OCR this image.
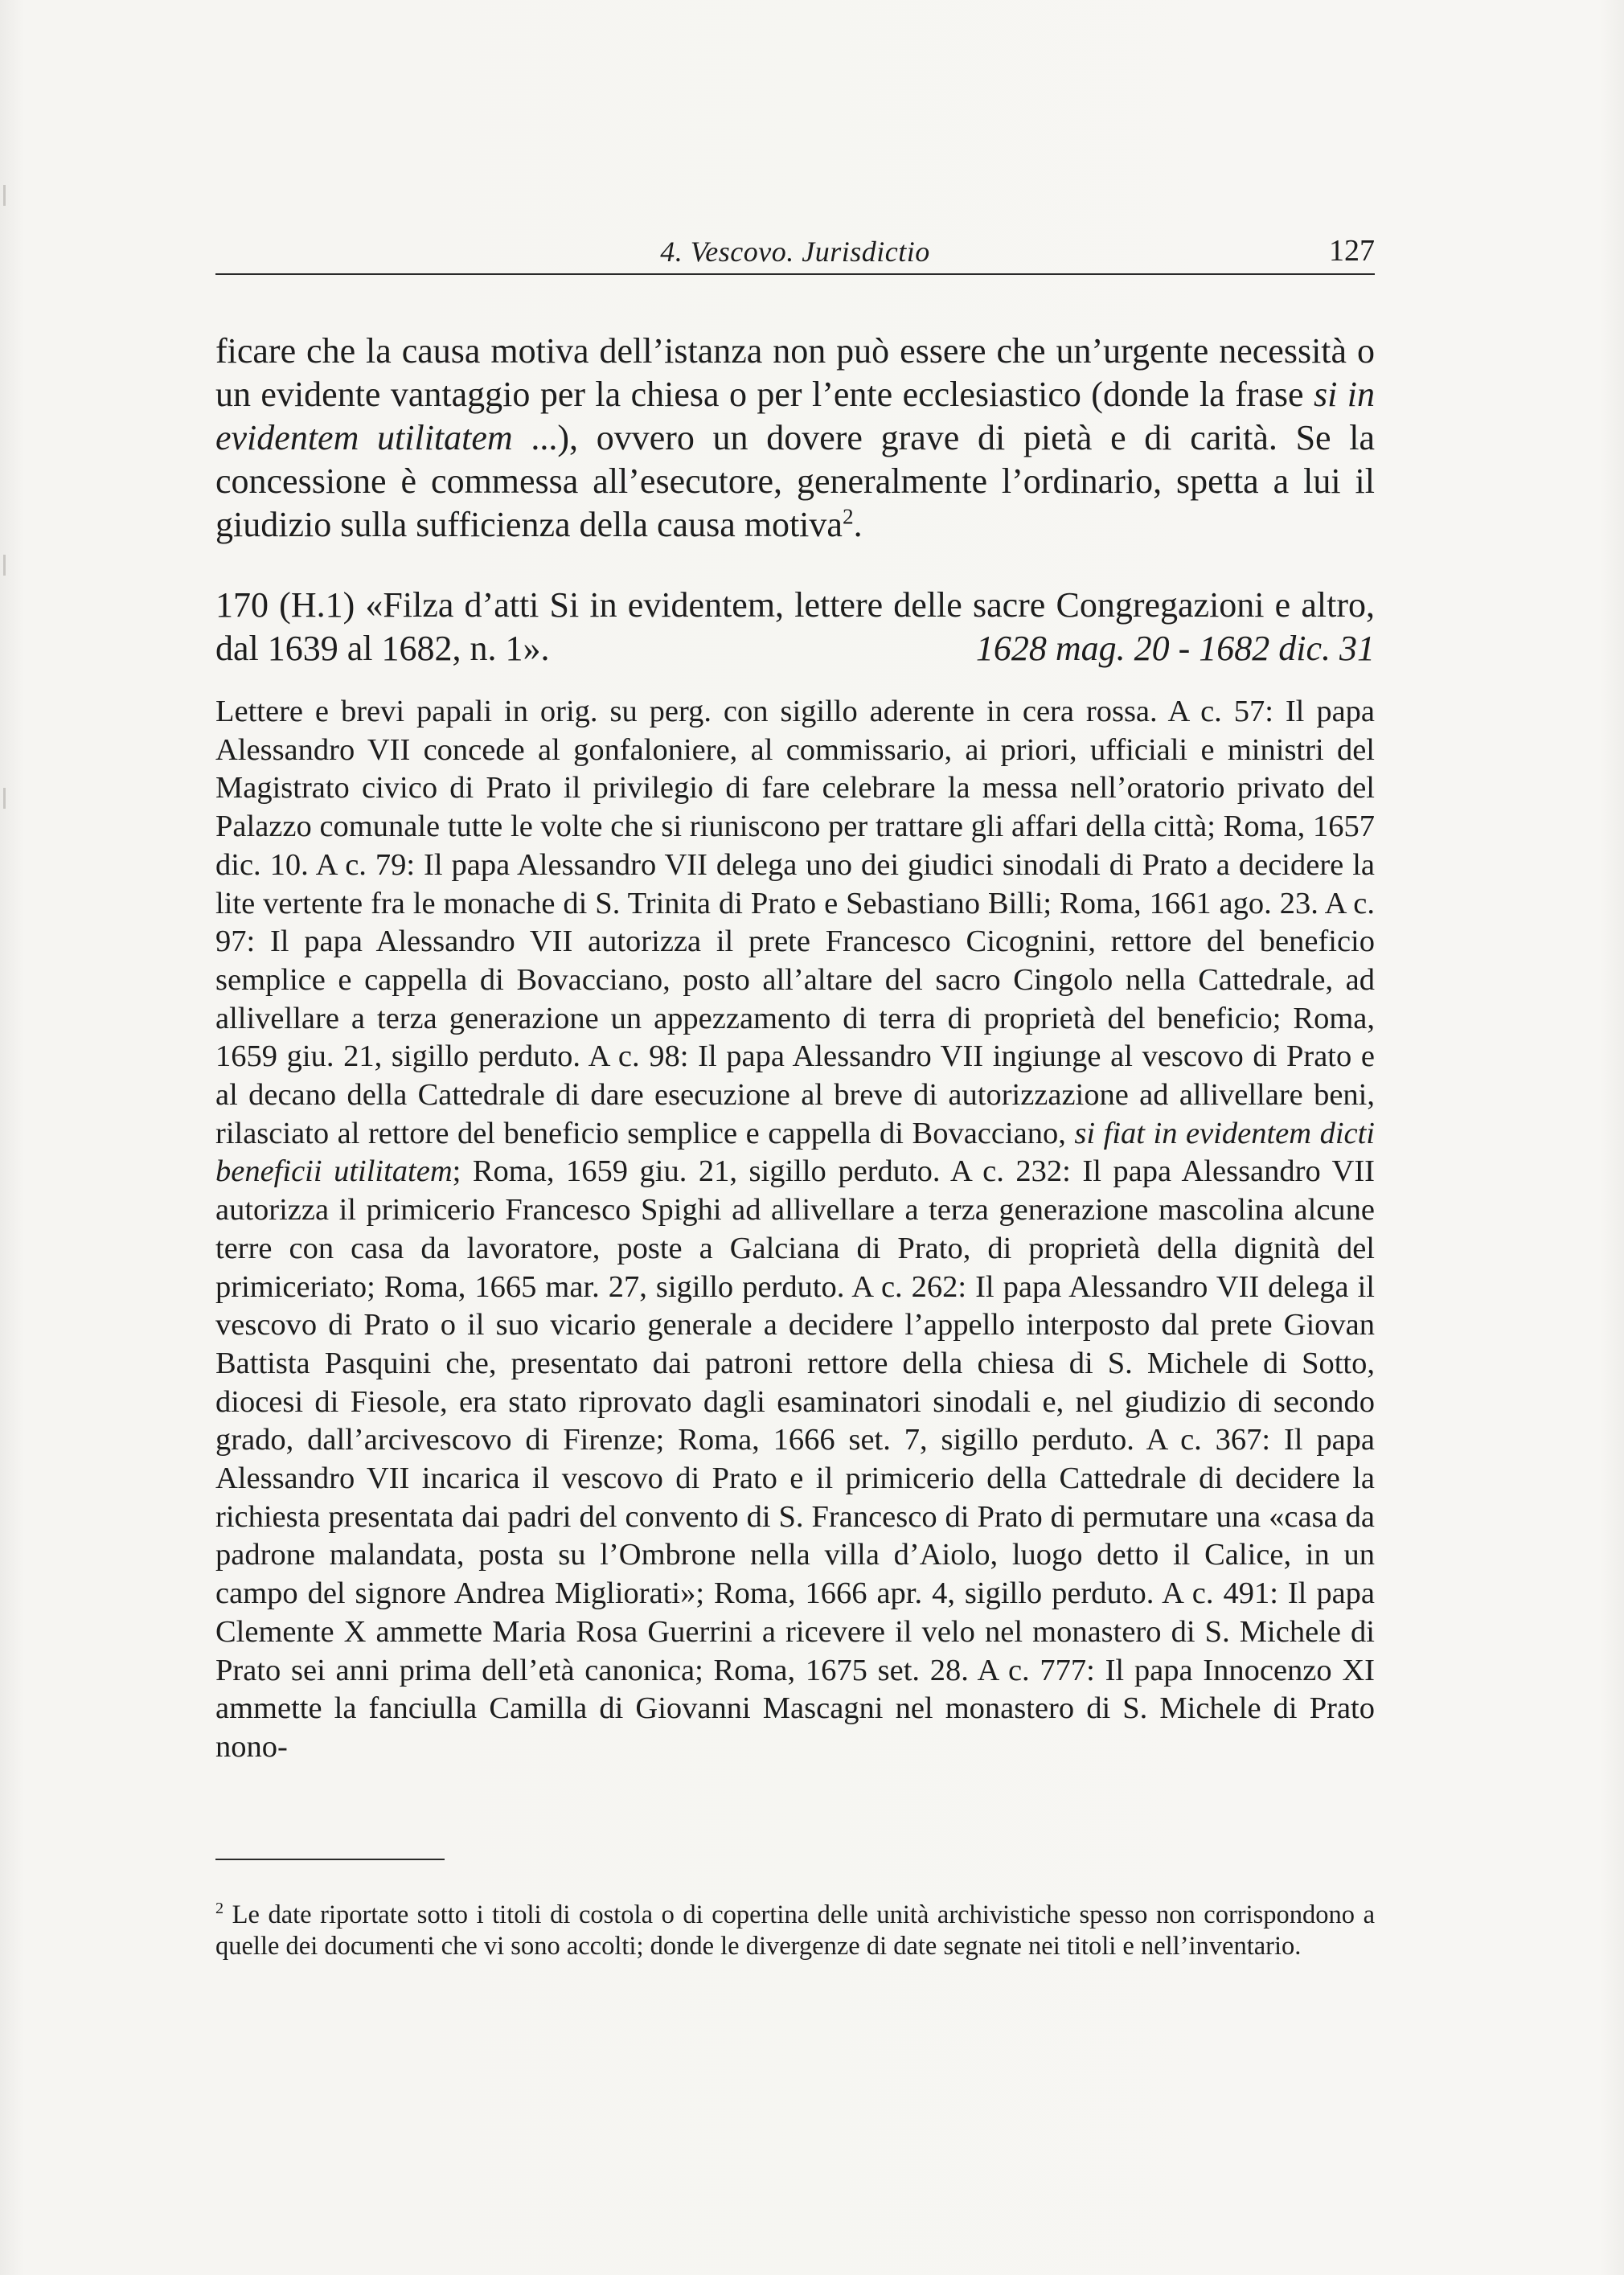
4. Vescovo. Jurisdictio	127

ficare che la causa motiva dell’istanza non può essere che un’urgente necessità o un evidente vantaggio per la chiesa o per l’ente ecclesiastico (donde la frase si in evidentem utilitatem ...), ovvero un dovere grave di pietà e di carità. Se la concessione è commessa all’esecutore, generalmente l’ordinario, spetta a lui il giudizio sulla sufficienza della causa motiva$^2$.

170 (H.1) «Filza d’atti Si in evidentem, lettere delle sacre Congregazioni e altro, dal 1639 al 1682, n. 1».	1628 mag. 20 - 1682 dic. 31

Lettere e brevi papali in orig. su perg. con sigillo aderente in cera rossa. A c. 57: Il papa Alessandro VII concede al gonfaloniere, al commissario, ai priori, ufficiali e ministri del Magistrato civico di Prato il privilegio di fare celebrare la messa nell’oratorio privato del Palazzo comunale tutte le volte che si riuniscono per trattare gli affari della città; Roma, 1657 dic. 10. A c. 79: Il papa Alessandro VII delega uno dei giudici sinodali di Prato a decidere la lite vertente fra le monache di S. Trinita di Prato e Sebastiano Billi; Roma, 1661 ago. 23. A c. 97: Il papa Alessandro VII autorizza il prete Francesco Cicognini, rettore del beneficio semplice e cappella di Bovacciano, posto all’altare del sacro Cingolo nella Cattedrale, ad allivellare a terza generazione un appezzamento di terra di proprietà del beneficio; Roma, 1659 giu. 21, sigillo perduto. A c. 98: Il papa Alessandro VII ingiunge al vescovo di Prato e al decano della Cattedrale di dare esecuzione al breve di autorizzazione ad allivellare beni, rilasciato al rettore del beneficio semplice e cappella di Bovacciano, si fiat in evidentem dicti beneficii utilitatem; Roma, 1659 giu. 21, sigillo perduto. A c. 232: Il papa Alessandro VII autorizza il primicerio Francesco Spighi ad allivellare a terza generazione mascolina alcune terre con casa da lavoratore, poste a Galciana di Prato, di proprietà della dignità del primiceriato; Roma, 1665 mar. 27, sigillo perduto. A c. 262: Il papa Alessandro VII delega il vescovo di Prato o il suo vicario generale a decidere l’appello interposto dal prete Giovan Battista Pasquini che, presentato dai patroni rettore della chiesa di S. Michele di Sotto, diocesi di Fiesole, era stato riprovato dagli esaminatori sinodali e, nel giudizio di secondo grado, dall’arcivescovo di Firenze; Roma, 1666 set. 7, sigillo perduto. A c. 367: Il papa Alessandro VII incarica il vescovo di Prato e il primicerio della Cattedrale di decidere la richiesta presentata dai padri del convento di S. Francesco di Prato di permutare una «casa da padrone malandata, posta su l’Ombrone nella villa d’Aiolo, luogo detto il Calice, in un campo del signore Andrea Migliorati»; Roma, 1666 apr. 4, sigillo perduto. A c. 491: Il papa Clemente X ammette Maria Rosa Guerrini a ricevere il velo nel monastero di S. Michele di Prato sei anni prima dell’età canonica; Roma, 1675 set. 28. A c. 777: Il papa Innocenzo XI ammette la fanciulla Camilla di Giovanni Mascagni nel monastero di S. Michele di Prato nono-

$^2$ Le date riportate sotto i titoli di costola o di copertina delle unità archivistiche spesso non corrispondono a quelle dei documenti che vi sono accolti; donde le divergenze di date segnate nei titoli e nell’inventario.
